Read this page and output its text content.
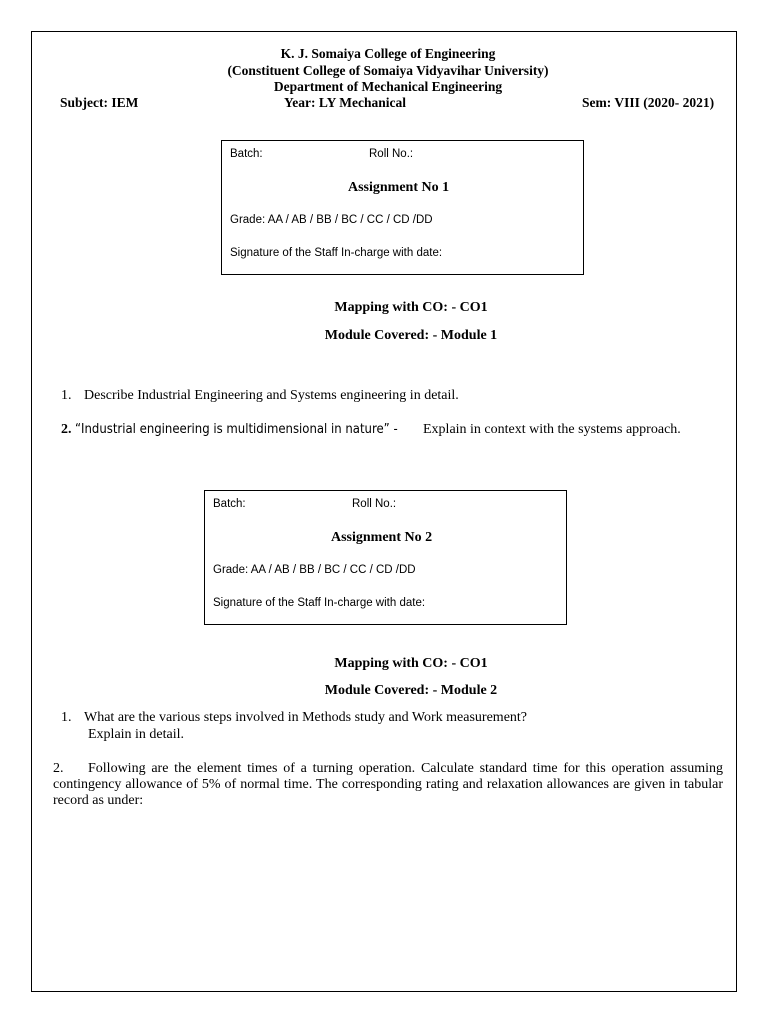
K. J. Somaiya College of Engineering
(Constituent College of Somaiya Vidyavihar University)
Department of Mechanical Engineering
Subject: IEM	Year: LY Mechanical	Sem: VIII (2020- 2021)
Batch:	Roll No.:
Assignment No 1
Grade: AA / AB / BB / BC / CC / CD /DD
Signature of the Staff In-charge with date:
Mapping with CO: - CO1
Module Covered: - Module 1
1. Describe Industrial Engineering and Systems engineering in detail.
2. “Industrial engineering is multidimensional in nature” - Explain in context with the systems approach.
Batch:	Roll No.:
Assignment No 2
Grade: AA / AB / BB / BC / CC / CD /DD
Signature of the Staff In-charge with date:
Mapping with CO: - CO1
Module Covered: - Module 2
1. What are the various steps involved in Methods study and Work measurement?
Explain in detail.
2.	Following are the element times of a turning operation. Calculate standard time for this operation assuming contingency allowance of 5% of normal time. The corresponding rating and relaxation allowances are given in tabular record as under:
